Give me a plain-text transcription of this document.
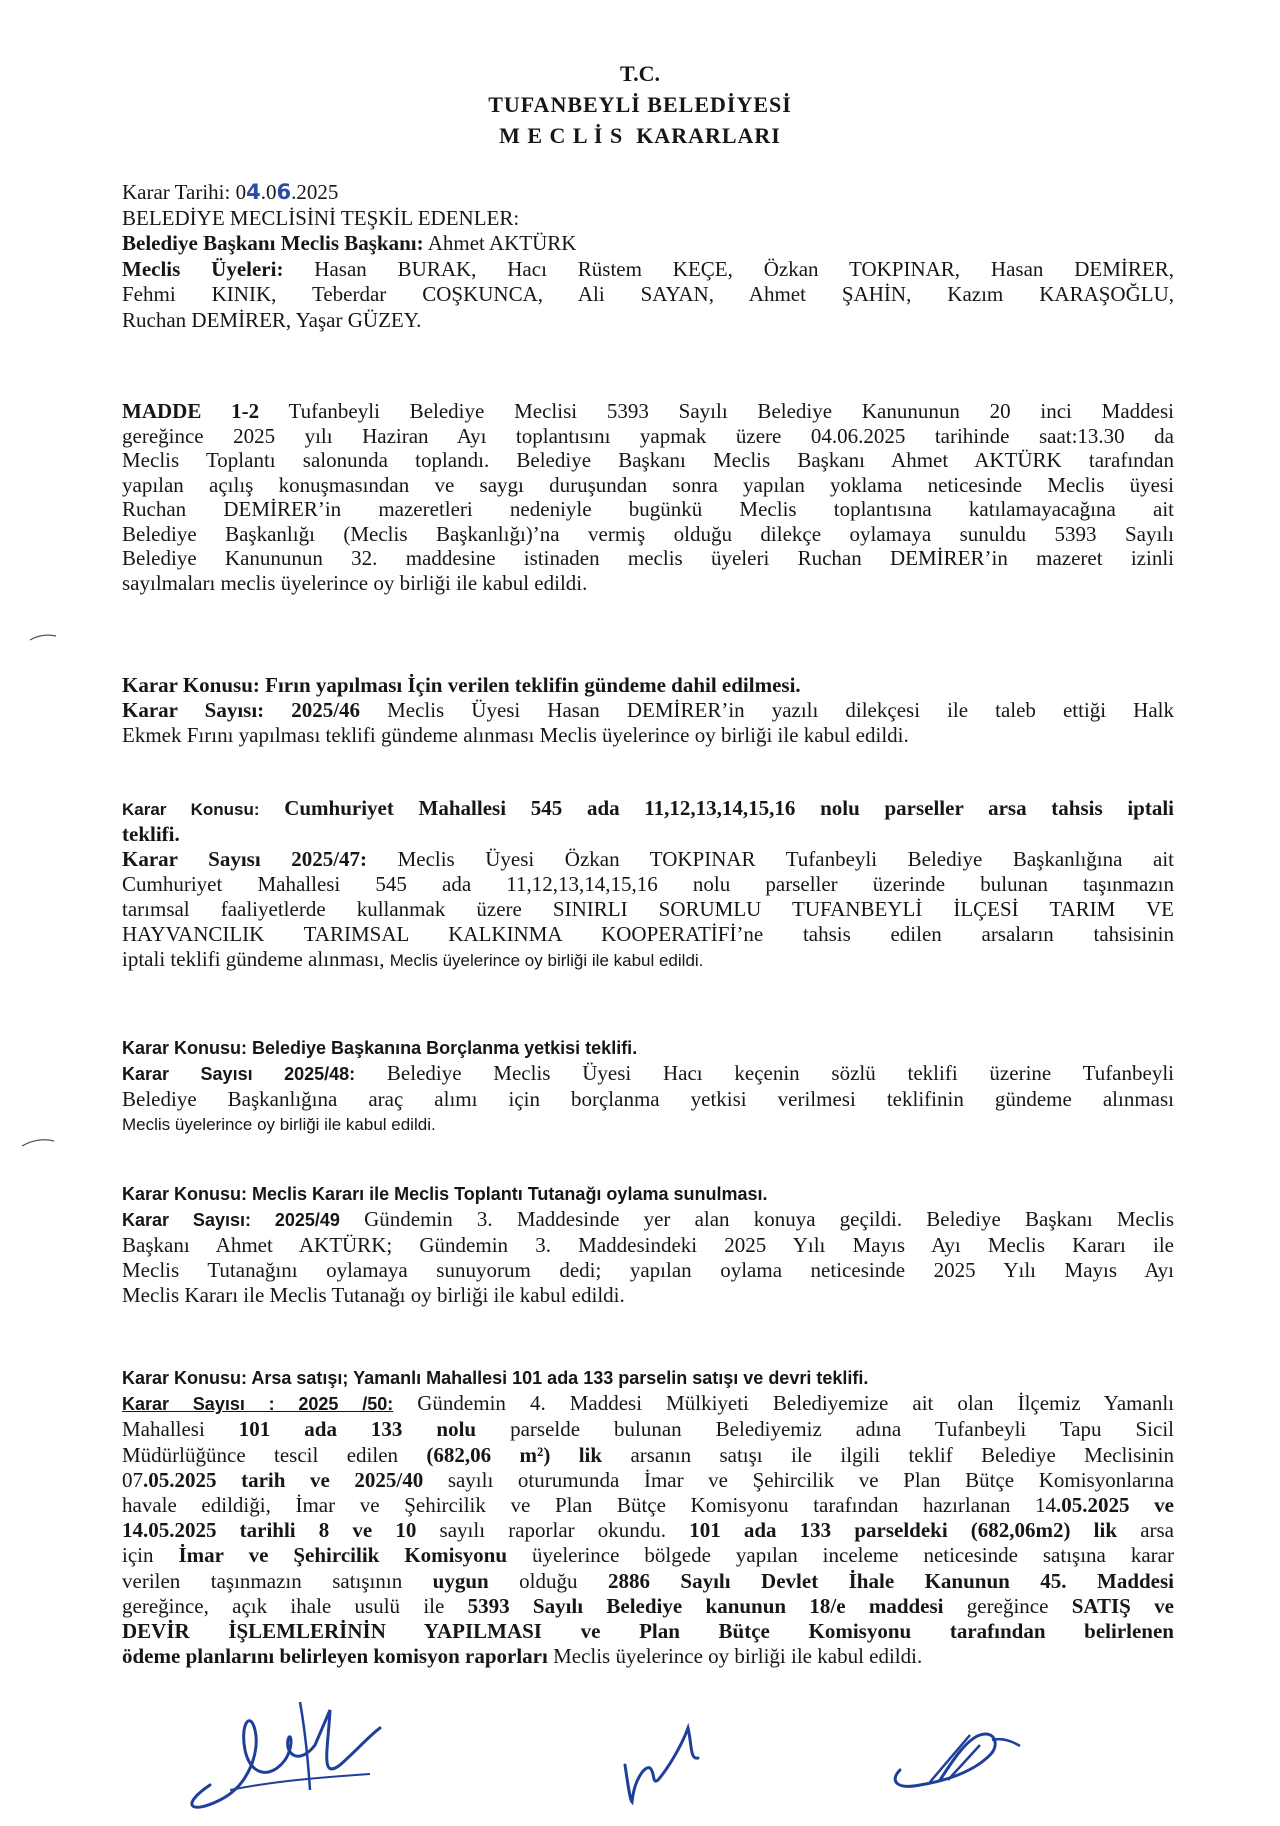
T.C.
TUFANBEYLİ BELEDİYESİ
M E C L İ S  KARARLARI
Karar Tarihi: 04.06.2025
BELEDİYE MECLİSİNİ TEŞKİL EDENLER:
Belediye Başkanı Meclis Başkanı: Ahmet AKTÜRK
Meclis Üyeleri: Hasan BURAK, Hacı Rüstem KEÇE, Özkan TOKPINAR, Hasan DEMİRER,
Fehmi KINIK, Teberdar COŞKUNCA, Ali SAYAN, Ahmet ŞAHİN, Kazım KARAŞOĞLU,
Ruchan DEMİRER, Yaşar GÜZEY.
MADDE 1-2 Tufanbeyli Belediye Meclisi 5393 Sayılı Belediye Kanununun 20 inci Maddesi
gereğince 2025 yılı Haziran Ayı toplantısını yapmak üzere 04.06.2025 tarihinde saat:13.30 da
Meclis Toplantı salonunda toplandı. Belediye Başkanı Meclis Başkanı Ahmet AKTÜRK tarafından
yapılan açılış konuşmasından ve saygı duruşundan sonra yapılan yoklama neticesinde Meclis üyesi
Ruchan DEMİRER’in mazeretleri nedeniyle bugünkü Meclis toplantısına katılamayacağına ait
Belediye Başkanlığı (Meclis Başkanlığı)’na vermiş olduğu dilekçe oylamaya sunuldu 5393 Sayılı
Belediye Kanununun 32. maddesine istinaden meclis üyeleri Ruchan DEMİRER’in mazeret izinli
sayılmaları meclis üyelerince oy birliği ile kabul edildi.
Karar Konusu: Fırın yapılması İçin verilen teklifin gündeme dahil edilmesi.
Karar Sayısı: 2025/46 Meclis Üyesi Hasan DEMİRER’in yazılı dilekçesi ile taleb ettiği Halk
Ekmek Fırını yapılması teklifi gündeme alınması Meclis üyelerince oy birliği ile kabul edildi.
Karar Konusu: Cumhuriyet Mahallesi 545 ada 11,12,13,14,15,16 nolu parseller arsa tahsis iptali
teklifi.
Karar Sayısı 2025/47: Meclis Üyesi Özkan TOKPINAR Tufanbeyli Belediye Başkanlığına ait
Cumhuriyet Mahallesi 545 ada 11,12,13,14,15,16 nolu parseller üzerinde bulunan taşınmazın
tarımsal faaliyetlerde kullanmak üzere SINIRLI SORUMLU TUFANBEYLİ İLÇESİ TARIM VE
HAYVANCILIK TARIMSAL KALKINMA KOOPERATİFİ’ne tahsis edilen arsaların tahsisinin
iptali teklifi gündeme alınması, Meclis üyelerince oy birliği ile kabul edildi.
Karar Konusu: Belediye Başkanına Borçlanma yetkisi teklifi.
Karar Sayısı 2025/48: Belediye Meclis Üyesi Hacı keçenin sözlü teklifi üzerine Tufanbeyli
Belediye Başkanlığına araç alımı için borçlanma yetkisi verilmesi teklifinin gündeme alınması
Meclis üyelerince oy birliği ile kabul edildi.
Karar Konusu: Meclis Kararı ile Meclis Toplantı Tutanağı oylama sunulması.
Karar Sayısı: 2025/49 Gündemin 3. Maddesinde yer alan konuya geçildi. Belediye Başkanı Meclis
Başkanı Ahmet AKTÜRK; Gündemin 3. Maddesindeki 2025 Yılı Mayıs Ayı Meclis Kararı ile
Meclis Tutanağını oylamaya sunuyorum dedi; yapılan oylama neticesinde 2025 Yılı Mayıs Ayı
Meclis Kararı ile Meclis Tutanağı oy birliği ile kabul edildi.
Karar Konusu: Arsa satışı; Yamanlı Mahallesi 101 ada 133 parselin satışı ve devri teklifi.
Karar Sayısı : 2025 /50: Gündemin 4. Maddesi Mülkiyeti Belediyemize ait olan İlçemiz Yamanlı
Mahallesi 101 ada 133 nolu parselde bulunan Belediyemiz adına Tufanbeyli Tapu Sicil
Müdürlüğünce tescil edilen (682,06 m²) lik arsanın satışı ile ilgili teklif Belediye Meclisinin
07.05.2025 tarih ve 2025/40 sayılı oturumunda İmar ve Şehircilik ve Plan Bütçe Komisyonlarına
havale edildiği, İmar ve Şehircilik ve Plan Bütçe Komisyonu tarafından hazırlanan 14.05.2025 ve
14.05.2025 tarihli 8 ve 10 sayılı raporlar okundu. 101 ada 133 parseldeki (682,06m2) lik arsa
için İmar ve Şehircilik Komisyonu üyelerince bölgede yapılan inceleme neticesinde satışına karar
verilen taşınmazın satışının uygun olduğu 2886 Sayılı Devlet İhale Kanunun 45. Maddesi
gereğince, açık ihale usulü ile 5393 Sayılı Belediye kanunun 18/e maddesi gereğince SATIŞ ve
DEVİR İŞLEMLERİNİN YAPILMASI ve Plan Bütçe Komisyonu tarafından belirlenen
ödeme planlarını belirleyen komisyon raporları Meclis üyelerince oy birliği ile kabul edildi.
